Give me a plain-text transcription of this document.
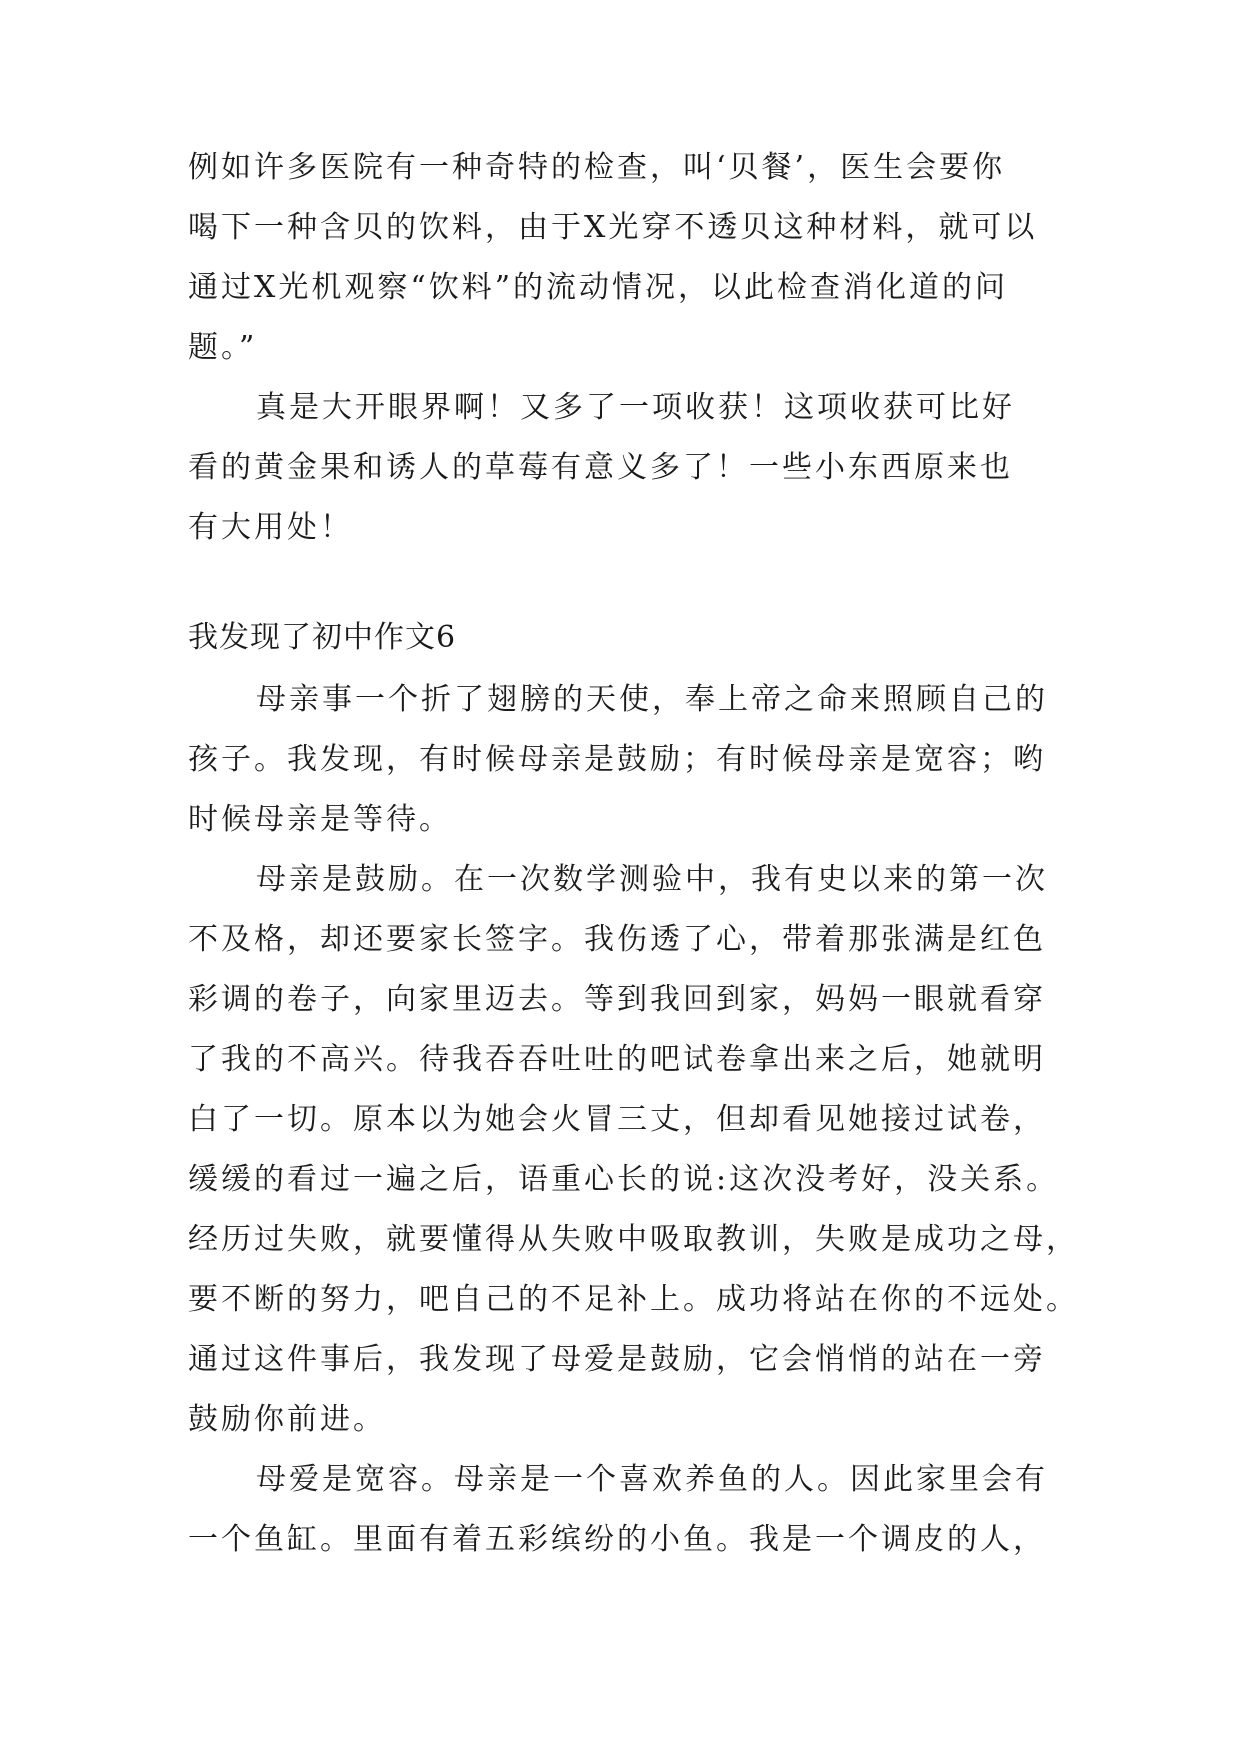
例如许多医院有一种奇特的检查，叫‘贝餐’，医生会要你
喝下一种含贝的饮料，由于X光穿不透贝这种材料，就可以
通过X光机观察“饮料”的流动情况，以此检查消化道的问
题。”
真是大开眼界啊！又多了一项收获！这项收获可比好
看的黄金果和诱人的草莓有意义多了！一些小东西原来也
有大用处！
我发现了初中作文6
母亲事一个折了翅膀的天使，奉上帝之命来照顾自己的
孩子。我发现，有时候母亲是鼓励；有时候母亲是宽容；哟
时候母亲是等待。
母亲是鼓励。在一次数学测验中，我有史以来的第一次
不及格，却还要家长签字。我伤透了心，带着那张满是红色
彩调的卷子，向家里迈去。等到我回到家，妈妈一眼就看穿
了我的不高兴。待我吞吞吐吐的吧试卷拿出来之后，她就明
白了一切。原本以为她会火冒三丈，但却看见她接过试卷，
缓缓的看过一遍之后，语重心长的说:这次没考好，没关系。
经历过失败，就要懂得从失败中吸取教训，失败是成功之母，
要不断的努力，吧自己的不足补上。成功将站在你的不远处。
通过这件事后，我发现了母爱是鼓励，它会悄悄的站在一旁
鼓励你前进。
母爱是宽容。母亲是一个喜欢养鱼的人。因此家里会有
一个鱼缸。里面有着五彩缤纷的小鱼。我是一个调皮的人，
